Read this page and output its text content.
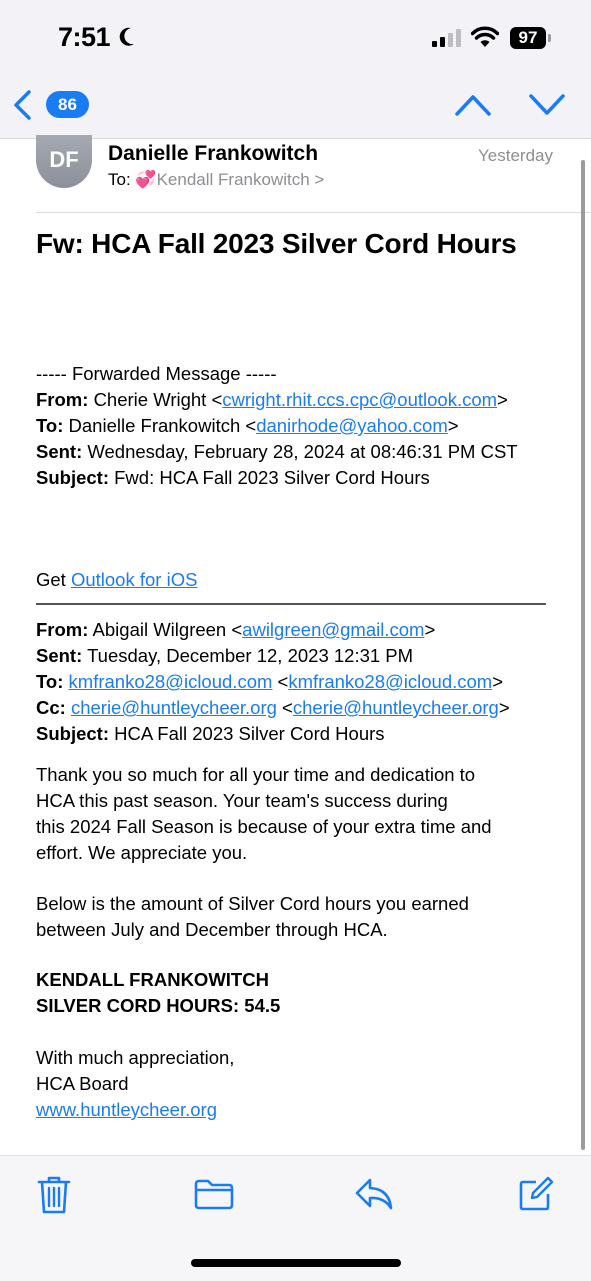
7:51	97
86
DF	Danielle Frankowitch	Yesterday
To: 💞Kendall Frankowitch >
Fw: HCA Fall 2023 Silver Cord Hours
----- Forwarded Message -----
From: Cherie Wright <cwright.rhit.ccs.cpc@outlook.com>
To: Danielle Frankowitch <danirhode@yahoo.com>
Sent: Wednesday, February 28, 2024 at 08:46:31 PM CST
Subject: Fwd: HCA Fall 2023 Silver Cord Hours
Get Outlook for iOS
From: Abigail Wilgreen <awilgreen@gmail.com>
Sent: Tuesday, December 12, 2023 12:31 PM
To: kmfranko28@icloud.com <kmfranko28@icloud.com>
Cc: cherie@huntleycheer.org <cherie@huntleycheer.org>
Subject: HCA Fall 2023 Silver Cord Hours
Thank you so much for all your time and dedication to
HCA this past season. Your team's success during
this 2024 Fall Season is because of your extra time and
effort. We appreciate you.
Below is the amount of Silver Cord hours you earned
between July and December through HCA.
KENDALL FRANKOWITCH
SILVER CORD HOURS: 54.5
With much appreciation,
HCA Board
www.huntleycheer.org
